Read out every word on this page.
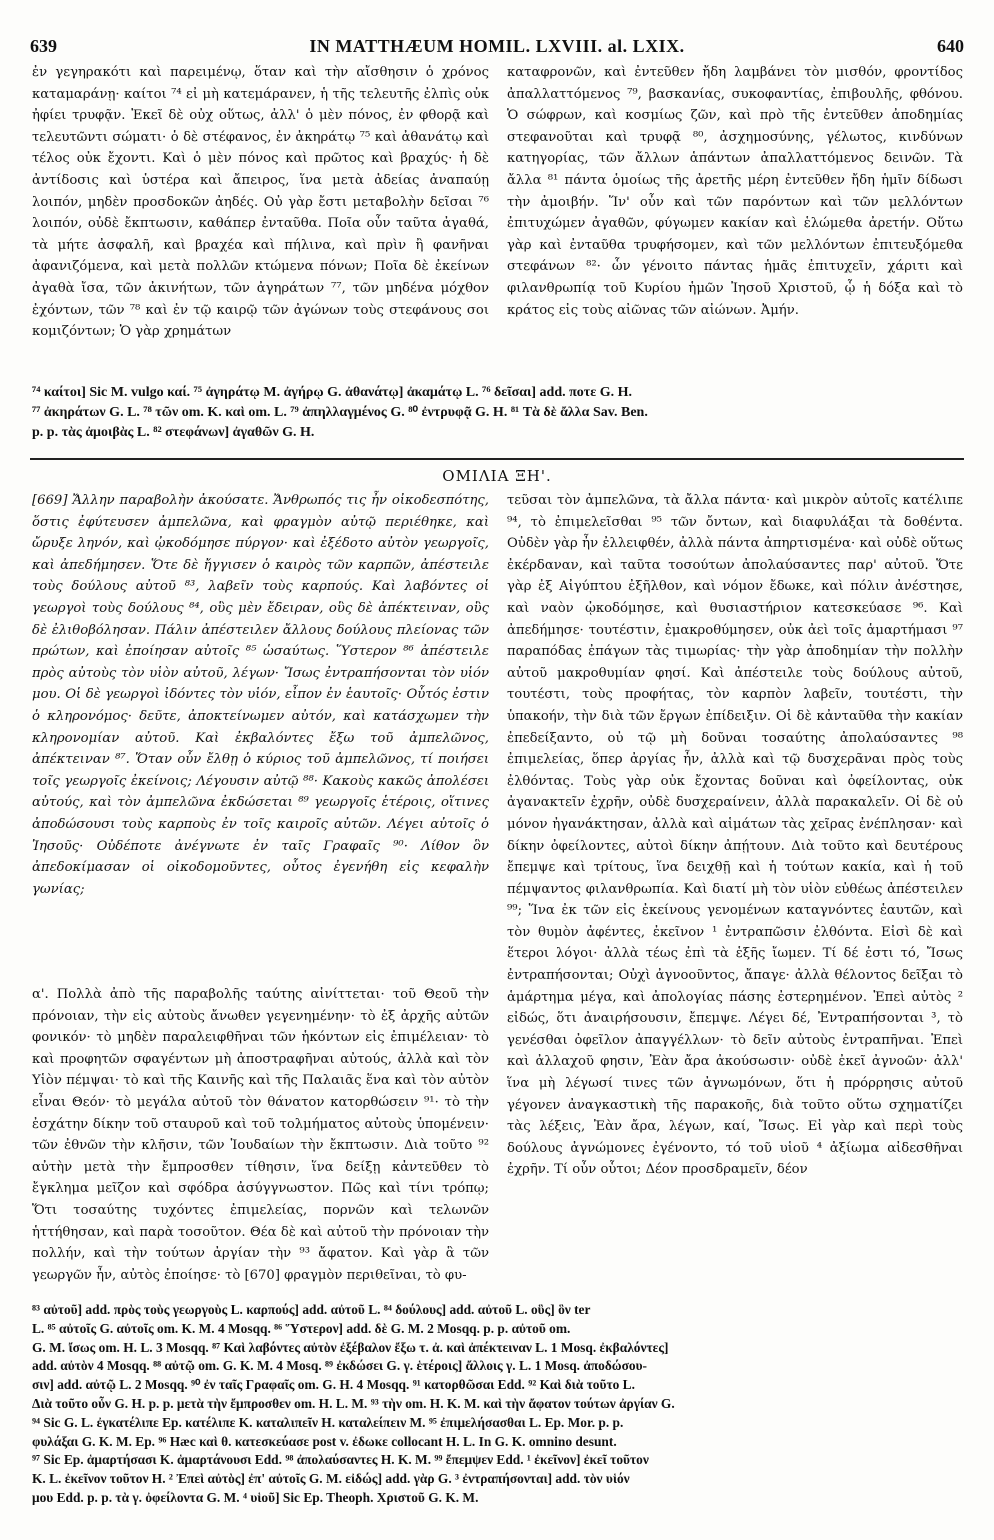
639	IN MATTHÆUM HOMIL. LXVIII. al. LXIX.	640

ἐν γεγηρακότι καὶ παρειμένῳ, ὅταν καὶ τὴν αἴσθησιν ὁ χρόνος καταμαράνῃ· καίτοι ⁷⁴ εἰ μὴ κατεμάρανεν, ἡ τῆς τελευτῆς ἐλπὶς οὐκ ἠφίει τρυφᾷν. Ἐκεῖ δὲ οὐχ οὕτως, ἀλλ' ὁ μὲν πόνος, ἐν φθορᾷ καὶ τελευτῶντι σώματι· ὁ δὲ στέφανος, ἐν ἀκηράτῳ ⁷⁵ καὶ ἀθανάτῳ καὶ τέλος οὐκ ἔχοντι. Καὶ ὁ μὲν πόνος καὶ πρῶτος καὶ βραχύς· ἡ δὲ ἀντίδοσις καὶ ὑστέρα καὶ ἄπειρος, ἵνα μετὰ ἀδείας ἀναπαύῃ λοιπόν, μηδὲν προσδοκῶν ἀηδές. Οὐ γὰρ ἔστι μεταβολὴν δεῖσαι ⁷⁶ λοιπόν, οὐδὲ ἔκπτωσιν, καθάπερ ἐνταῦθα. Ποῖα οὖν ταῦτα ἀγαθά, τὰ μήτε ἀσφαλῆ, καὶ βραχέα καὶ πήλινα, καὶ πρὶν ἢ φανῆναι ἀφανιζόμενα, καὶ μετὰ πολλῶν κτώμενα πόνων; Ποῖα δὲ ἐκείνων ἀγαθὰ ἴσα, τῶν ἀκινήτων, τῶν ἀγηράτων ⁷⁷, τῶν μηδένα μόχθον ἐχόντων, τῶν ⁷⁸ καὶ ἐν τῷ καιρῷ τῶν ἀγώνων τοὺς στεφάνους σοι κομιζόντων; Ὁ γὰρ χρημάτων

καταφρονῶν, καὶ ἐντεῦθεν ἤδη λαμβάνει τὸν μισθόν, φροντίδος ἀπαλλαττόμενος ⁷⁹, βασκανίας, συκοφαντίας, ἐπιβουλῆς, φθόνου. Ὁ σώφρων, καὶ κοσμίως ζῶν, καὶ πρὸ τῆς ἐντεῦθεν ἀποδημίας στεφανοῦται καὶ τρυφᾷ ⁸⁰, ἀσχημοσύνης, γέλωτος, κινδύνων κατηγορίας, τῶν ἄλλων ἁπάντων ἀπαλλαττόμενος δεινῶν. Τὰ ἄλλα ⁸¹ πάντα ὁμοίως τῆς ἀρετῆς μέρη ἐντεῦθεν ἤδη ἡμῖν δίδωσι τὴν ἀμοιβήν. Ἵν' οὖν καὶ τῶν παρόντων καὶ τῶν μελλόντων ἐπιτυχώμεν ἀγαθῶν, φύγωμεν κακίαν καὶ ἑλώμεθα ἀρετήν. Οὕτω γὰρ καὶ ἐνταῦθα τρυφήσομεν, καὶ τῶν μελλόντων ἐπιτευξόμεθα στεφάνων ⁸²· ὧν γένοιτο πάντας ἡμᾶς ἐπιτυχεῖν, χάριτι καὶ φιλανθρωπίᾳ τοῦ Κυρίου ἡμῶν Ἰησοῦ Χριστοῦ, ᾧ ἡ δόξα καὶ τὸ κράτος εἰς τοὺς αἰῶνας τῶν αἰώνων. Ἀμήν.

⁷⁴ καίτοι] Sic M. vulgo καί. ⁷⁵ ἀγηράτῳ M. ἀγήρῳ G. ἀθανάτῳ] ἀκαμάτῳ L. ⁷⁶ δεῖσαι] add. ποτε G. H.

⁷⁷ ἀκηράτων G. L. ⁷⁸ τῶν om. K. καὶ om. L. ⁷⁹ ἀπηλλαγμένος G. ⁸⁰ ἐντρυφᾷ G. H. ⁸¹ Τὰ δὲ ἄλλα Sav. Ben.

p. p. τὰς ἀμοιβὰς L. ⁸² στεφάνων] ἀγαθῶν G. H.

ΟΜΙΛΙΑ ΞΗ'.

[669] Ἄλλην παραβολὴν ἀκούσατε. Ἄνθρωπός τις ἦν οἰκοδεσπότης, ὅστις ἐφύτευσεν ἀμπελῶνα, καὶ φραγμὸν αὐτῷ περιέθηκε, καὶ ὤρυξε ληνόν, καὶ ᾠκοδόμησε πύργον· καὶ ἐξέδοτο αὐτὸν γεωργοῖς, καὶ ἀπεδήμησεν. Ὅτε δὲ ἤγγισεν ὁ καιρὸς τῶν καρπῶν, ἀπέστειλε τοὺς δούλους αὐτοῦ ⁸³, λαβεῖν τοὺς καρπούς. Καὶ λαβόντες οἱ γεωργοὶ τοὺς δούλους ⁸⁴, οὓς μὲν ἔδειραν, οὓς δὲ ἀπέκτειναν, οὓς δὲ ἐλιθοβόλησαν. Πάλιν ἀπέστειλεν ἄλλους δούλους πλείονας τῶν πρώτων, καὶ ἐποίησαν αὐτοῖς ⁸⁵ ὡσαύτως. Ὕστερον ⁸⁶ ἀπέστειλε πρὸς αὐτοὺς τὸν υἱὸν αὐτοῦ, λέγων· Ἴσως ἐντραπήσονται τὸν υἱόν μου. Οἱ δὲ γεωργοὶ ἰδόντες τὸν υἱόν, εἶπον ἐν ἑαυτοῖς· Οὗτός ἐστιν ὁ κληρονόμος· δεῦτε, ἀποκτείνωμεν αὐτόν, καὶ κατάσχωμεν τὴν κληρονομίαν αὐτοῦ. Καὶ ἐκβαλόντες ἔξω τοῦ ἀμπελῶνος, ἀπέκτειναν ⁸⁷. Ὅταν οὖν ἔλθῃ ὁ κύριος τοῦ ἀμπελῶνος, τί ποιήσει τοῖς γεωργοῖς ἐκείνοις; Λέγουσιν αὐτῷ ⁸⁸· Κακοὺς κακῶς ἀπολέσει αὐτούς, καὶ τὸν ἀμπελῶνα ἐκδώσεται ⁸⁹ γεωργοῖς ἑτέροις, οἵτινες ἀποδώσουσι τοὺς καρποὺς ἐν τοῖς καιροῖς αὐτῶν. Λέγει αὐτοῖς ὁ Ἰησοῦς· Οὐδέποτε ἀνέγνωτε ἐν ταῖς Γραφαῖς ⁹⁰· Λίθον ὃν ἀπεδοκίμασαν οἱ οἰκοδομοῦντες, οὗτος ἐγενήθη εἰς κεφαλὴν γωνίας;

α'. Πολλὰ ἀπὸ τῆς παραβολῆς ταύτης αἰνίττεται· τοῦ Θεοῦ τὴν πρόνοιαν, τὴν εἰς αὐτοὺς ἄνωθεν γεγενημένην· τὸ ἐξ ἀρχῆς αὐτῶν φονικόν· τὸ μηδὲν παραλειφθῆναι τῶν ἡκόντων εἰς ἐπιμέλειαν· τὸ καὶ προφητῶν σφαγέντων μὴ ἀποστραφῆναι αὐτούς, ἀλλὰ καὶ τὸν Υἱὸν πέμψαι· τὸ καὶ τῆς Καινῆς καὶ τῆς Παλαιᾶς ἕνα καὶ τὸν αὐτὸν εἶναι Θεόν· τὸ μεγάλα αὐτοῦ τὸν θάνατον κατορθώσειν ⁹¹· τὸ τὴν ἐσχάτην δίκην τοῦ σταυροῦ καὶ τοῦ τολμήματος αὐτοὺς ὑπομένειν· τῶν ἐθνῶν τὴν κλῆσιν, τῶν Ἰουδαίων τὴν ἔκπτωσιν. Διὰ τοῦτο ⁹² αὐτὴν μετὰ τὴν ἔμπροσθεν τίθησιν, ἵνα δείξῃ κἀντεῦθεν τὸ ἔγκλημα μεῖζον καὶ σφόδρα ἀσύγγνωστον. Πῶς καὶ τίνι τρόπῳ; Ὅτι τοσαύτης τυχόντες ἐπιμελείας, πορνῶν καὶ τελωνῶν ἡττήθησαν, καὶ παρὰ τοσοῦτον. Θέα δὲ καὶ αὐτοῦ τὴν πρόνοιαν τὴν πολλήν, καὶ τὴν τούτων ἀργίαν τὴν ⁹³ ἄφατον. Καὶ γὰρ ἃ τῶν γεωργῶν ἦν, αὐτὸς ἐποίησε· τὸ [670] φραγμὸν περιθεῖναι, τὸ φυ-

τεῦσαι τὸν ἀμπελῶνα, τὰ ἄλλα πάντα· καὶ μικρὸν αὐτοῖς κατέλιπε ⁹⁴, τὸ ἐπιμελεῖσθαι ⁹⁵ τῶν ὄντων, καὶ διαφυλάξαι τὰ δοθέντα. Οὐδὲν γὰρ ἦν ἐλλειφθέν, ἀλλὰ πάντα ἀπηρτισμένα· καὶ οὐδὲ οὕτως ἐκέρδαναν, καὶ ταῦτα τοσούτων ἀπολαύσαντες παρ' αὐτοῦ. Ὅτε γὰρ ἐξ Αἰγύπτου ἐξῆλθον, καὶ νόμον ἔδωκε, καὶ πόλιν ἀνέστησε, καὶ ναὸν ᾠκοδόμησε, καὶ θυσιαστήριον κατεσκεύασε ⁹⁶. Καὶ ἀπεδήμησε· τουτέστιν, ἐμακροθύμησεν, οὐκ ἀεὶ τοῖς ἁμαρτήμασι ⁹⁷ παραπόδας ἐπάγων τὰς τιμωρίας· τὴν γὰρ ἀποδημίαν τὴν πολλὴν αὐτοῦ μακροθυμίαν φησί. Καὶ ἀπέστειλε τοὺς δούλους αὐτοῦ, τουτέστι, τοὺς προφήτας, τὸν καρπὸν λαβεῖν, τουτέστι, τὴν ὑπακοήν, τὴν διὰ τῶν ἔργων ἐπίδειξιν. Οἱ δὲ κἀνταῦθα τὴν κακίαν ἐπεδείξαντο, οὐ τῷ μὴ δοῦναι τοσαύτης ἀπολαύσαντες ⁹⁸ ἐπιμελείας, ὅπερ ἀργίας ἦν, ἀλλὰ καὶ τῷ δυσχερᾶναι πρὸς τοὺς ἐλθόντας. Τοὺς γὰρ οὐκ ἔχοντας δοῦναι καὶ ὀφείλοντας, οὐκ ἀγανακτεῖν ἐχρῆν, οὐδὲ δυσχεραίνειν, ἀλλὰ παρακαλεῖν. Οἱ δὲ οὐ μόνον ἠγανάκτησαν, ἀλλὰ καὶ αἱμάτων τὰς χεῖρας ἐνέπλησαν· καὶ δίκην ὀφείλοντες, αὐτοὶ δίκην ἀπῄτουν. Διὰ τοῦτο καὶ δευτέρους ἔπεμψε καὶ τρίτους, ἵνα δειχθῇ καὶ ἡ τούτων κακία, καὶ ἡ τοῦ πέμψαντος φιλανθρωπία. Καὶ διατί μὴ τὸν υἱὸν εὐθέως ἀπέστειλεν ⁹⁹; Ἵνα ἐκ τῶν εἰς ἐκείνους γενομένων καταγνόντες ἑαυτῶν, καὶ τὸν θυμὸν ἀφέντες, ἐκεῖνον ¹ ἐντραπῶσιν ἐλθόντα. Εἰσὶ δὲ καὶ ἕτεροι λόγοι· ἀλλὰ τέως ἐπὶ τὰ ἑξῆς ἴωμεν. Τί δέ ἐστι τό, Ἴσως ἐντραπήσονται; Οὐχὶ ἀγνοοῦντος, ἄπαγε· ἀλλὰ θέλοντος δεῖξαι τὸ ἁμάρτημα μέγα, καὶ ἀπολογίας πάσης ἐστερημένον. Ἐπεὶ αὐτὸς ² εἰδώς, ὅτι ἀναιρήσουσιν, ἔπεμψε. Λέγει δέ, Ἐντραπήσονται ³, τὸ γενέσθαι ὀφεῖλον ἀπαγγέλλων· τὸ δεῖν αὐτοὺς ἐντραπῆναι. Ἐπεὶ καὶ ἀλλαχοῦ φησιν, Ἐὰν ἄρα ἀκούσωσιν· οὐδὲ ἐκεῖ ἀγνοῶν· ἀλλ' ἵνα μὴ λέγωσί τινες τῶν ἀγνωμόνων, ὅτι ἡ πρόρρησις αὐτοῦ γέγονεν ἀναγκαστικὴ τῆς παρακοῆς, διὰ τοῦτο οὕτω σχηματίζει τὰς λέξεις, Ἐὰν ἄρα, λέγων, καί, Ἴσως. Εἰ γὰρ καὶ περὶ τοὺς δούλους ἀγνώμονες ἐγένοντο, τό τοῦ υἱοῦ ⁴ ἀξίωμα αἰδεσθῆναι ἐχρῆν. Τί οὖν οὗτοι; Δέον προσδραμεῖν, δέον

⁸³ αὐτοῦ] add. πρὸς τοὺς γεωργοὺς L. καρπούς] add. αὐτοῦ L. ⁸⁴ δούλους] add. αὐτοῦ L. οὓς] ὃν ter

L. ⁸⁵ αὐτοῖς G. αὐτοῖς om. K. M. 4 Mosqq. ⁸⁶ Ὕστερον] add. δὲ G. M. 2 Mosqq. p. p. αὐτοῦ om.

G. M. ἴσως om. H. L. 3 Mosqq. ⁸⁷ Καὶ λαβόντες αὐτὸν ἐξέβαλον ἔξω τ. ἀ. καὶ ἀπέκτειναν L. 1 Mosq. ἐκβαλόντες]

add. αὐτὸν 4 Mosqq. ⁸⁸ αὐτῷ om. G. K. M. 4 Mosq. ⁸⁹ ἐκδώσει G. γ. ἑτέροις] ἄλλοις γ. L. 1 Mosq. ἀποδώσου-

σιν] add. αὐτῷ L. 2 Mosqq. ⁹⁰ ἐν ταῖς Γραφαῖς om. G. H. 4 Mosqq. ⁹¹ κατορθῶσαι Edd. ⁹² Καὶ διὰ τοῦτο L.

Διὰ τοῦτο οὖν G. H. p. p. μετὰ τὴν ἔμπροσθεν om. H. L. M. ⁹³ τὴν om. H. K. M. καὶ τὴν ἄφατον τούτων ἀργίαν G.

⁹⁴ Sic G. L. ἐγκατέλιπε Ep. κατέλιπε K. καταλιπεῖν H. καταλείπειν M. ⁹⁵ ἐπιμελήσασθαι L. Ep. Mor. p. p.

φυλάξαι G. K. M. Ep. ⁹⁶ Hæc καὶ θ. κατεσκεύασε post v. ἐδωκε collocant H. L. In G. K. omnino desunt.

⁹⁷ Sic Ep. ἁμαρτήσασι K. ἁμαρτάνουσι Edd. ⁹⁸ ἀπολαύσαντες H. K. M. ⁹⁹ ἔπεμψεν Edd. ¹ ἐκεῖνον] ἐκεῖ τοῦτον

K. L. ἐκεῖνον τοῦτον H. ² Ἐπεὶ αὐτὸς] ἐπ' αὐτοῖς G. M. εἰδώς] add. γὰρ G. ³ ἐντραπήσονται] add. τὸν υἱόν

μου Edd. p. p. τὰ γ. ὀφείλοντα G. M. ⁴ υἱοῦ] Sic Ep. Theoph. Χριστοῦ G. K. M.
